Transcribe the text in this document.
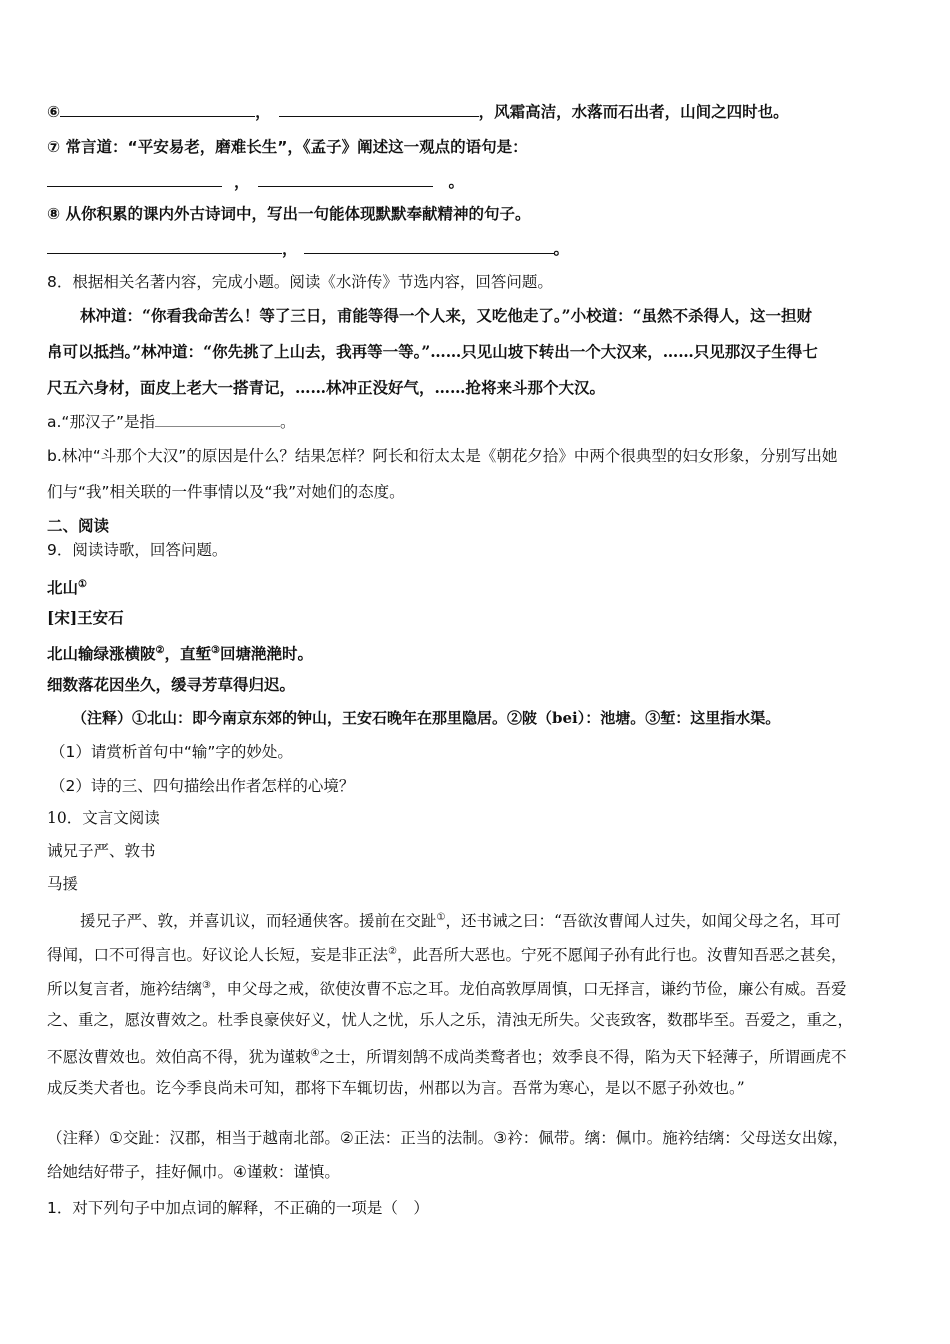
⑥	，	，风霜高洁，水落而石出者，山间之四时也。
⑦ 常言道：“平安易老，磨难长生”，《孟子》阐述这一观点的语句是：
，	。
⑧ 从你积累的课内外古诗词中，写出一句能体现默默奉献精神的句子。
，	。
8．根据相关名著内容，完成小题。阅读《水浒传》节选内容，回答问题。
林冲道：“你看我命苦么！等了三日，甫能等得一个人来，又吃他走了。”小校道：“虽然不杀得人，这一担财
帛可以抵挡。”林冲道：“你先挑了上山去，我再等一等。”……只见山坡下转出一个大汉来，……只见那汉子生得七
尺五六身材，面皮上老大一搭青记，……林冲正没好气，……抢将来斗那个大汉。
a.“那汉子”是指	。
b.林冲“斗那个大汉”的原因是什么？结果怎样？阿长和衍太太是《朝花夕拾》中两个很典型的妇女形象，分别写出她
们与“我”相关联的一件事情以及“我”对她们的态度。
二、阅读
9．阅读诗歌，回答问题。
北山①
[宋]王安石
北山输绿涨横陂②，直堑③回塘滟滟时。
细数落花因坐久，缓寻芳草得归迟。
（注释）①北山：即今南京东郊的钟山，王安石晚年在那里隐居。②陂（bei）：池塘。③堑：这里指水渠。
（1）请赏析首句中“输”字的妙处。
（2）诗的三、四句描绘出作者怎样的心境？
10．文言文阅读
诫兄子严、敦书
马援
援兄子严、敦，并喜讥议，而轻通侠客。援前在交趾①，还书诫之曰：“吾欲汝曹闻人过失，如闻父母之名，耳可
得闻，口不可得言也。好议论人长短，妄是非正法②，此吾所大恶也。宁死不愿闻子孙有此行也。汝曹知吾恶之甚矣，
所以复言者，施衿结缡③，申父母之戒，欲使汝曹不忘之耳。龙伯高敦厚周慎，口无择言，谦约节俭，廉公有威。吾爱
之、重之，愿汝曹效之。杜季良豪侠好义，忧人之忧，乐人之乐，清浊无所失。父丧致客，数郡毕至。吾爱之，重之，
不愿汝曹效也。效伯高不得，犹为谨敕④之士，所谓刻鹄不成尚类鹜者也；效季良不得，陷为天下轻薄子，所谓画虎不
成反类犬者也。讫今季良尚未可知，郡将下车辄切齿，州郡以为言。吾常为寒心，是以不愿子孙效也。”
（注释）①交趾：汉郡，相当于越南北部。②正法：正当的法制。③衿：佩带。缡：佩巾。施衿结缡：父母送女出嫁，
给她结好带子，挂好佩巾。④谨敕：谨慎。
1．对下列句子中加点词的解释，不正确的一项是（　）
